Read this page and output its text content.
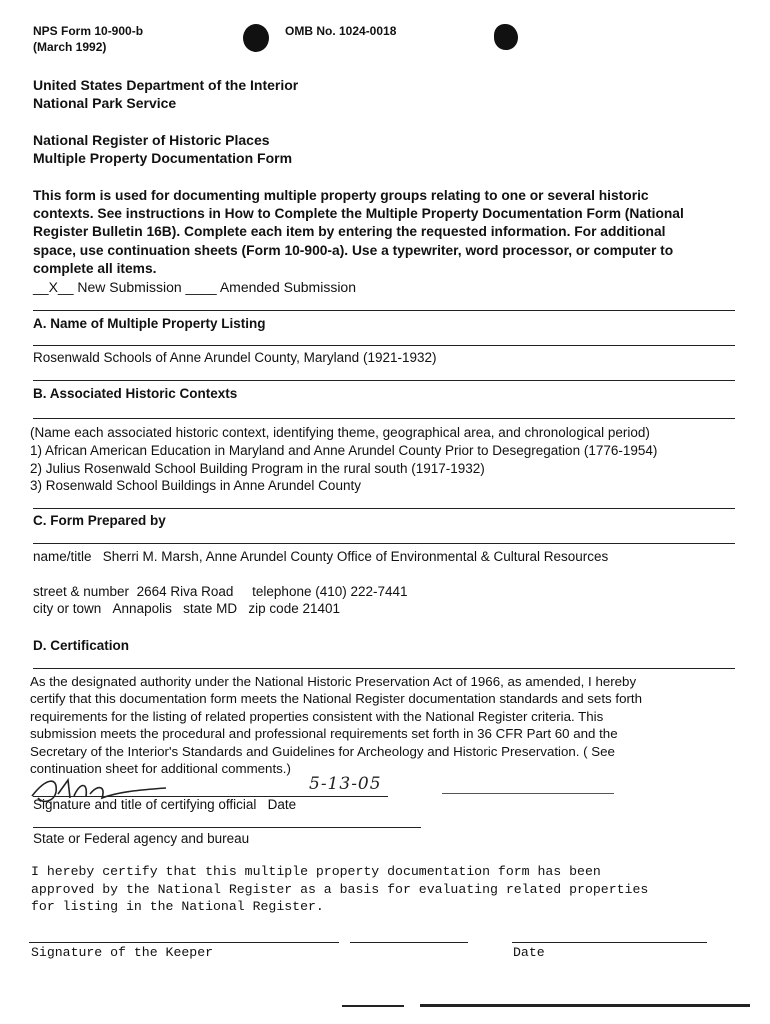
NPS Form 10-900-b
(March 1992)
OMB No. 1024-0018
United States Department of the Interior
National Park Service
National Register of Historic Places
Multiple Property Documentation Form
This form is used for documenting multiple property groups relating to one or several historic
contexts. See instructions in How to Complete the Multiple Property Documentation Form (National
Register Bulletin 16B). Complete each item by entering the requested information. For additional
space, use continuation sheets (Form 10-900-a). Use a typewriter, word processor, or computer to
complete all items.
__X__ New Submission ____ Amended Submission
A. Name of Multiple Property Listing
Rosenwald Schools of Anne Arundel County, Maryland (1921-1932)
B. Associated Historic Contexts
(Name each associated historic context, identifying theme, geographical area, and chronological period)
1) African American Education in Maryland and Anne Arundel County Prior to Desegregation (1776-1954)
2) Julius Rosenwald School Building Program in the rural south (1917-1932)
3) Rosenwald School Buildings in Anne Arundel County
C. Form Prepared by
name/title Sherri M. Marsh, Anne Arundel County Office of Environmental & Cultural Resources
street & number 2664 Riva Road telephone (410) 222-7441
city or town Annapolis state MD zip code 21401
D. Certification
As the designated authority under the National Historic Preservation Act of 1966, as amended, I hereby
certify that this documentation form meets the National Register documentation standards and sets forth
requirements for the listing of related properties consistent with the National Register criteria. This
submission meets the procedural and professional requirements set forth in 36 CFR Part 60 and the
Secretary of the Interior's Standards and Guidelines for Archeology and Historic Preservation. ( See
continuation sheet for additional comments.)
5-13-05
Signature and title of certifying official Date
State or Federal agency and bureau
I hereby certify that this multiple property documentation form has been
approved by the National Register as a basis for evaluating related properties
for listing in the National Register.
Signature of the Keeper	Date
